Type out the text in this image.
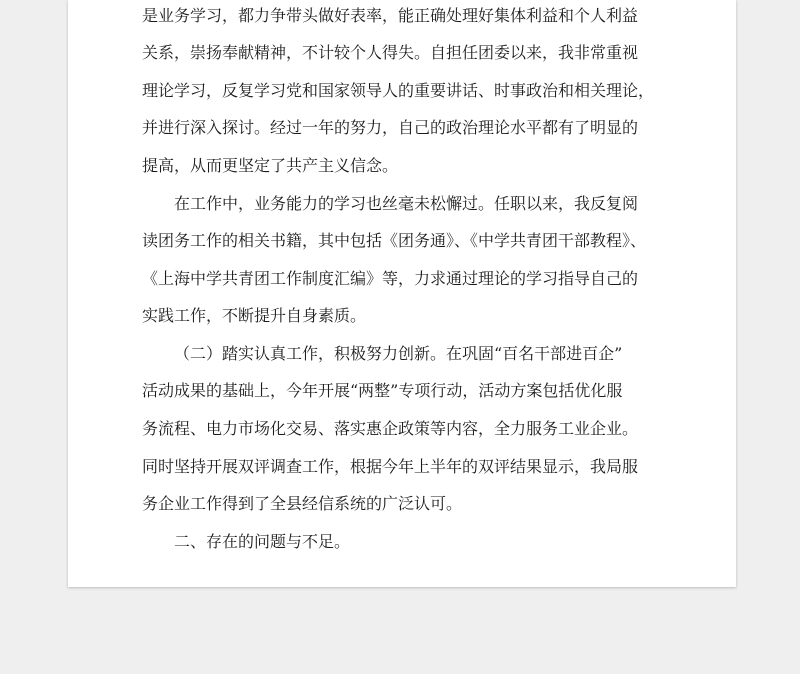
是业务学习，都力争带头做好表率，能正确处理好集体利益和个人利益
关系，崇扬奉献精神，不计较个人得失。自担任团委以来，我非常重视
理论学习，反复学习党和国家领导人的重要讲话、时事政治和相关理论，
并进行深入探讨。经过一年的努力，自己的政治理论水平都有了明显的
提高，从而更坚定了共产主义信念。
在工作中，业务能力的学习也丝毫未松懈过。任职以来，我反复阅
读团务工作的相关书籍，其中包括《团务通》、《中学共青团干部教程》、
《上海中学共青团工作制度汇编》等，力求通过理论的学习指导自己的
实践工作，不断提升自身素质。
（二）踏实认真工作，积极努力创新。在巩固“百名干部进百企”
活动成果的基础上，今年开展“两整”专项行动，活动方案包括优化服
务流程、电力市场化交易、落实惠企政策等内容，全力服务工业企业。
同时坚持开展双评调查工作，根据今年上半年的双评结果显示，我局服
务企业工作得到了全县经信系统的广泛认可。
二、存在的问题与不足。
